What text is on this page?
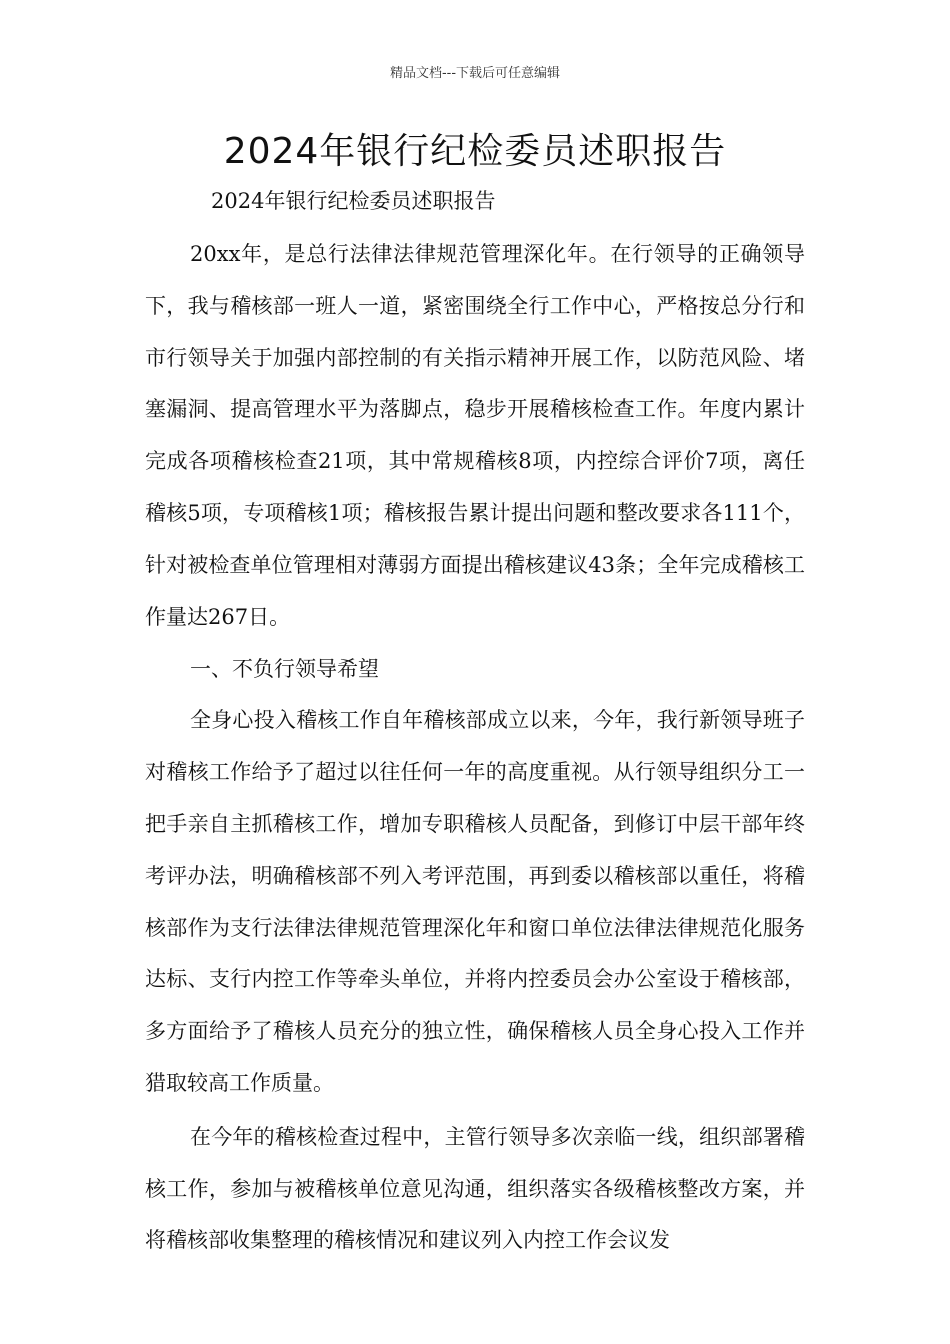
精品文档---下载后可任意编辑
2024年银行纪检委员述职报告

2024年银行纪检委员述职报告

20xx年，是总行法律法律规范管理深化年。在行领导的正确领导下，我与稽核部一班人一道，紧密围绕全行工作中心，严格按总分行和市行领导关于加强内部控制的有关指示精神开展工作，以防范风险、堵塞漏洞、提高管理水平为落脚点，稳步开展稽核检查工作。年度内累计完成各项稽核检查21项，其中常规稽核8项，内控综合评价7项，离任稽核5项，专项稽核1项；稽核报告累计提出问题和整改要求各111个，针对被检查单位管理相对薄弱方面提出稽核建议43条；全年完成稽核工作量达267日。

一、不负行领导希望

全身心投入稽核工作自年稽核部成立以来，今年，我行新领导班子对稽核工作给予了超过以往任何一年的高度重视。从行领导组织分工一把手亲自主抓稽核工作，增加专职稽核人员配备，到修订中层干部年终考评办法，明确稽核部不列入考评范围，再到委以稽核部以重任，将稽核部作为支行法律法律规范管理深化年和窗口单位法律法律规范化服务达标、支行内控工作等牵头单位，并将内控委员会办公室设于稽核部，多方面给予了稽核人员充分的独立性，确保稽核人员全身心投入工作并猎取较高工作质量。

在今年的稽核检查过程中，主管行领导多次亲临一线，组织部署稽核工作，参加与被稽核单位意见沟通，组织落实各级稽核整改方案，并将稽核部收集整理的稽核情况和建议列入内控工作会议发
